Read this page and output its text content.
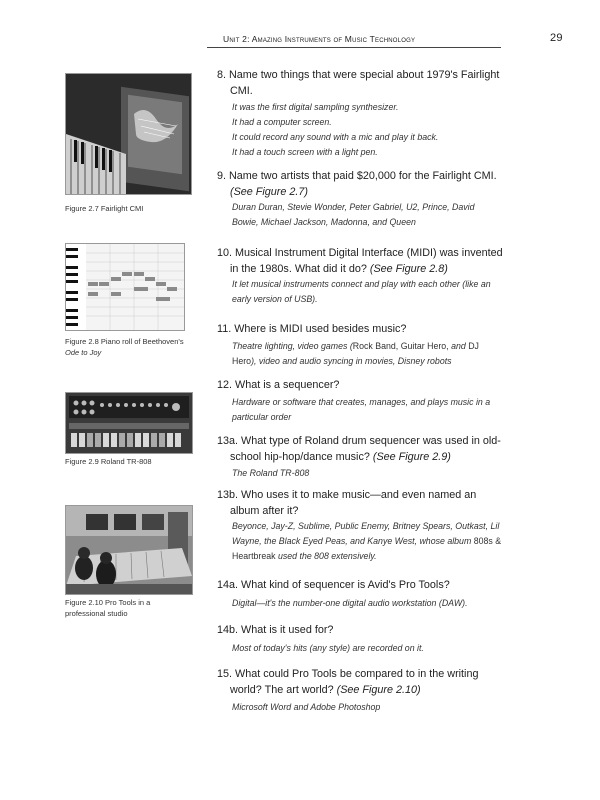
Unit 2: Amazing Instruments of Music Technology	29
Figure 2.7 Fairlight CMI
Figure 2.8 Piano roll of Beethoven's
Ode to Joy
Figure 2.9 Roland TR-808
Figure 2.10 Pro Tools in a professional studio
8. Name two things that were special about 1979's Fairlight CMI.
It was the first digital sampling synthesizer.
It had a computer screen.
It could record any sound with a mic and play it back.
It had a touch screen with a light pen.
9. Name two artists that paid $20,000 for the Fairlight CMI. (See Figure 2.7)
Duran Duran, Stevie Wonder, Peter Gabriel, U2, Prince, David Bowie, Michael Jackson, Madonna, and Queen
10. Musical Instrument Digital Interface (MIDI) was invented in the 1980s. What did it do? (See Figure 2.8)
It let musical instruments connect and play with each other (like an early version of USB).
11. Where is MIDI used besides music?
Theatre lighting, video games (Rock Band, Guitar Hero, and DJ Hero), video and audio syncing in movies, Disney robots
12. What is a sequencer?
Hardware or software that creates, manages, and plays music in a particular order
13a. What type of Roland drum sequencer was used in old-school hip-hop/dance music? (See Figure 2.9)
The Roland TR-808
13b. Who uses it to make music—and even named an album after it?
Beyonce, Jay-Z, Sublime, Public Enemy, Britney Spears, Outkast, Lil Wayne, the Black Eyed Peas, and Kanye West, whose album 808s & Heartbreak used the 808 extensively.
14a. What kind of sequencer is Avid's Pro Tools?
Digital—it's the number-one digital audio workstation (DAW).
14b. What is it used for?
Most of today's hits (any style) are recorded on it.
15. What could Pro Tools be compared to in the writing world? The art world? (See Figure 2.10)
Microsoft Word and Adobe Photoshop
